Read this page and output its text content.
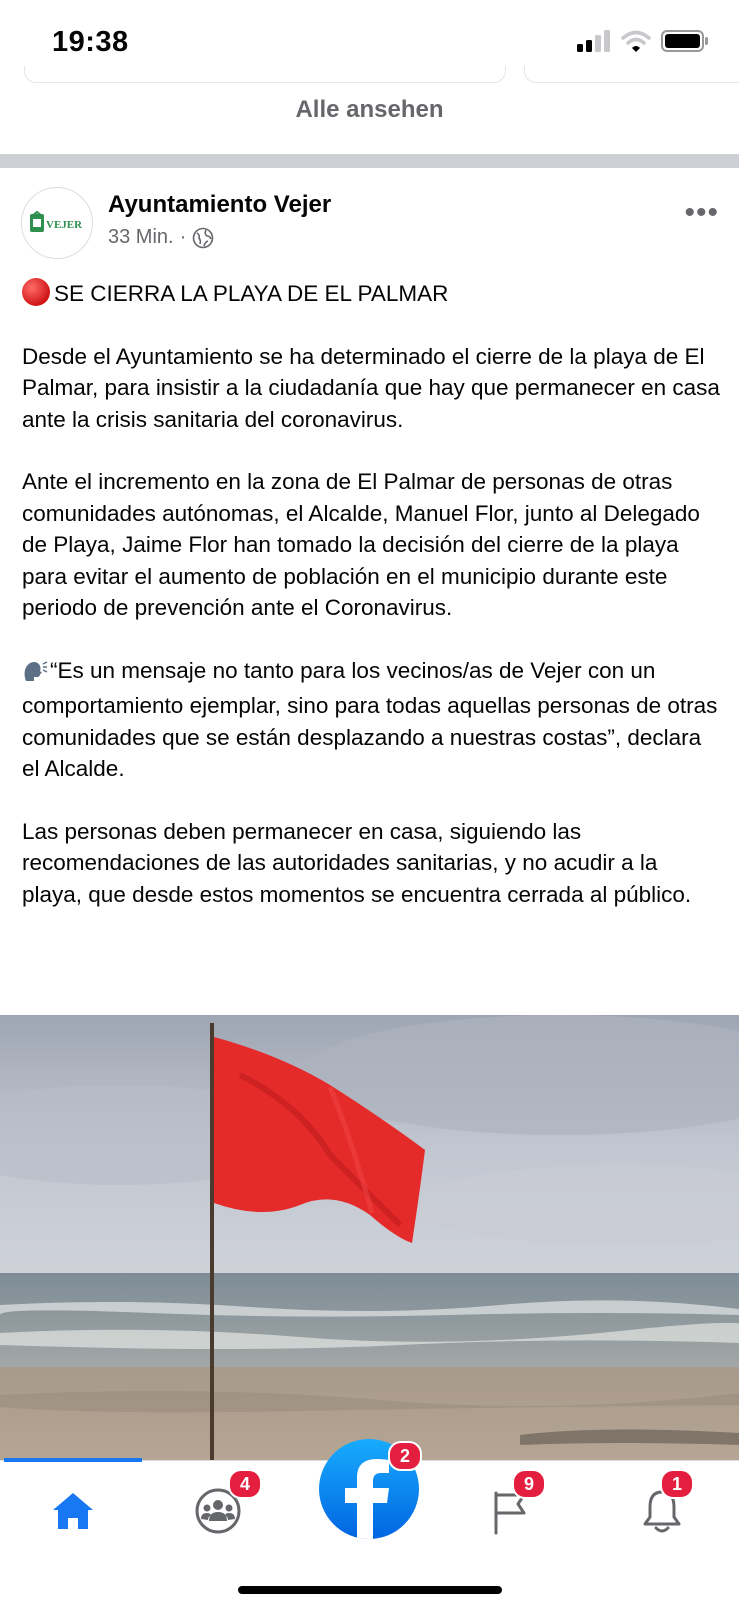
19:38
Alle ansehen
VEJER
Ayuntamiento Vejer
33 Min. ·
•••

SE CIERRA LA PLAYA DE EL PALMAR

Desde el Ayuntamiento se ha determinado el cierre de la playa de El Palmar, para insistir a la ciudadanía que hay que permanecer en casa ante la crisis sanitaria del coronavirus.

Ante el incremento en la zona de El Palmar de personas de otras comunidades autónomas, el Alcalde, Manuel Flor, junto al Delegado de Playa, Jaime Flor han tomado la decisión del cierre de la playa para evitar el aumento de población en el municipio durante este periodo de prevención ante el Coronavirus.

“Es un mensaje no tanto para los vecinos/as de Vejer con un comportamiento ejemplar, sino para todas aquellas personas de otras comunidades que se están desplazando a nuestras costas”, declara el Alcalde.

Las personas deben permanecer en casa, siguiendo las recomendaciones de las autoridades sanitarias, y no acudir a la playa, que desde estos momentos se encuentra cerrada al público.

4
2
9	1
